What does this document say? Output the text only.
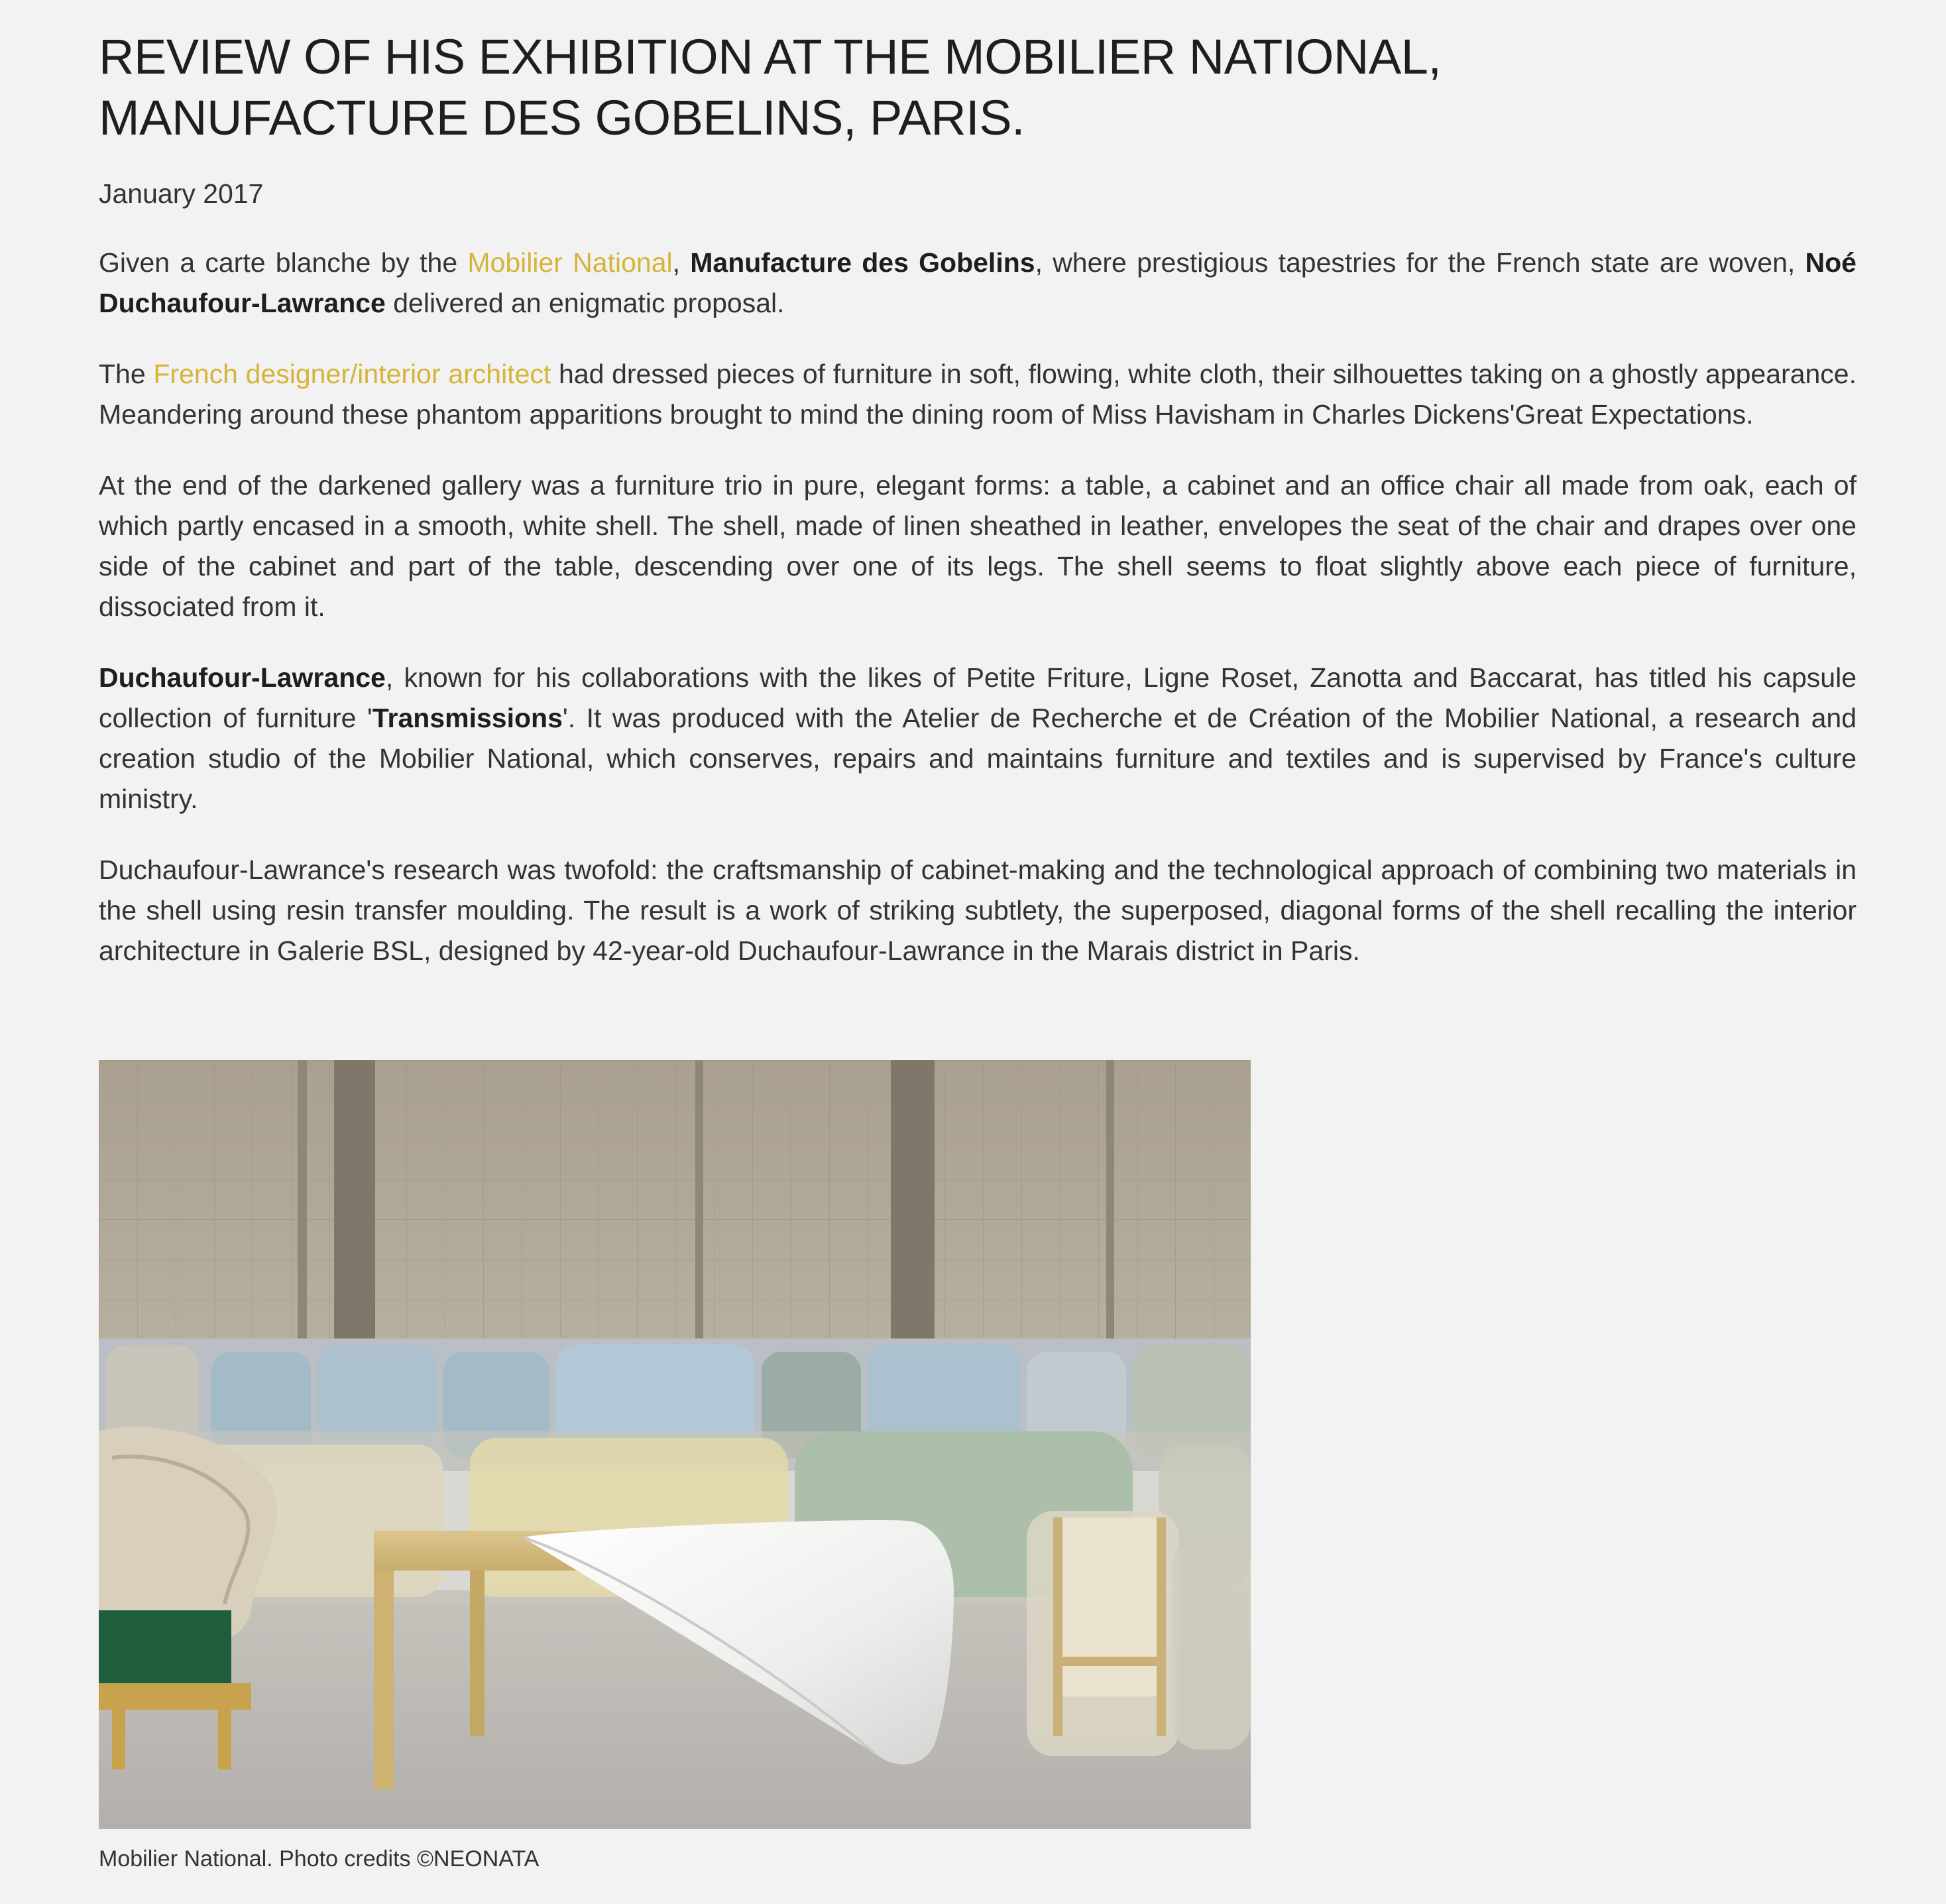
REVIEW OF HIS EXHIBITION AT THE MOBILIER NATIONAL,
MANUFACTURE DES GOBELINS, PARIS.

January 2017

Given a carte blanche by the Mobilier National, Manufacture des Gobelins, where prestigious tapestries for the French state are woven, Noé Duchaufour-Lawrance delivered an enigmatic proposal.

The French designer/interior architect had dressed pieces of furniture in soft, flowing, white cloth, their silhouettes taking on a ghostly appearance. Meandering around these phantom apparitions brought to mind the dining room of Miss Havisham in Charles Dickens'Great Expectations.

At the end of the darkened gallery was a furniture trio in pure, elegant forms: a table, a cabinet and an office chair all made from oak, each of which partly encased in a smooth, white shell. The shell, made of linen sheathed in leather, envelopes the seat of the chair and drapes over one side of the cabinet and part of the table, descending over one of its legs. The shell seems to float slightly above each piece of furniture, dissociated from it.

Duchaufour-Lawrance, known for his collaborations with the likes of Petite Friture, Ligne Roset, Zanotta and Baccarat, has titled his capsule collection of furniture 'Transmissions'. It was produced with the Atelier de Recherche et de Création of the Mobilier National, a research and creation studio of the Mobilier National, which conserves, repairs and maintains furniture and textiles and is supervised by France's culture ministry.

Duchaufour-Lawrance's research was twofold: the craftsmanship of cabinet-making and the technological approach of combining two materials in the shell using resin transfer moulding. The result is a work of striking subtlety, the superposed, diagonal forms of the shell recalling the interior architecture in Galerie BSL, designed by 42-year-old Duchaufour-Lawrance in the Marais district in Paris.

Mobilier National. Photo credits ©NEONATA
